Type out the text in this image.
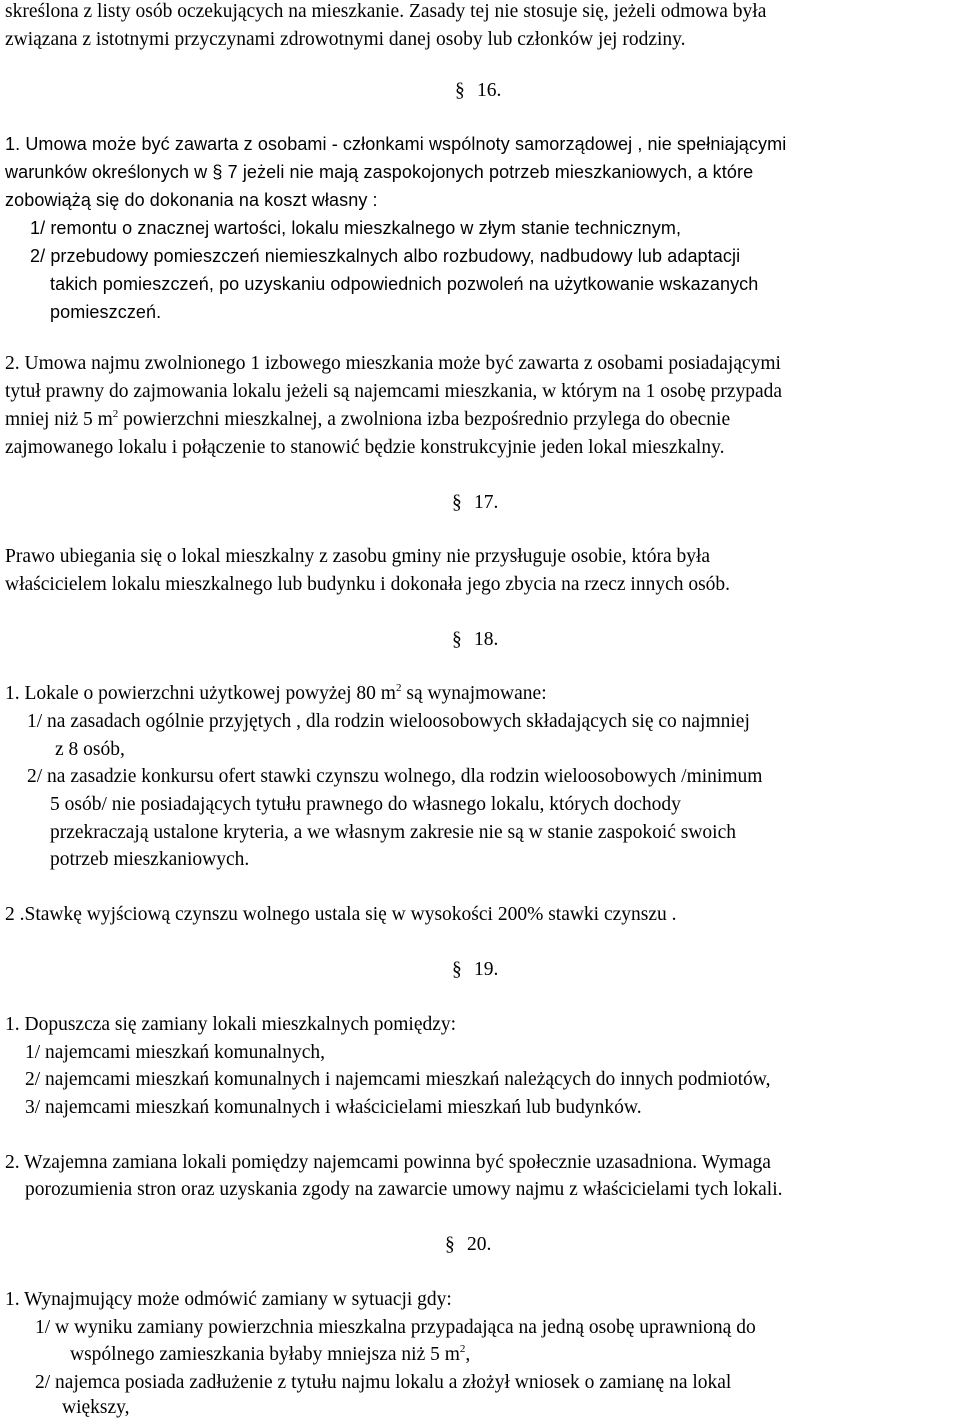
skreślona z listy osób oczekujących na mieszkanie. Zasady tej nie stosuje się, jeżeli odmowa była
związana z istotnymi przyczynami zdrowotnymi danej osoby lub członków jej rodziny.
§ 16.
1. Umowa może być zawarta z osobami - członkami wspólnoty samorządowej , nie spełniającymi
warunków określonych w § 7 jeżeli nie mają zaspokojonych potrzeb mieszkaniowych, a które
zobowiążą się do dokonania na koszt własny :
1/ remontu o znacznej wartości, lokalu mieszkalnego w złym stanie technicznym,
2/ przebudowy pomieszczeń niemieszkalnych albo rozbudowy, nadbudowy lub adaptacji
takich pomieszczeń, po uzyskaniu odpowiednich pozwoleń na użytkowanie wskazanych
pomieszczeń.
2. Umowa najmu zwolnionego 1 izbowego mieszkania może być zawarta z osobami posiadającymi
tytuł prawny do zajmowania lokalu jeżeli są najemcami mieszkania, w którym na 1 osobę przypada
mniej niż 5 $m^2$ powierzchni mieszkalnej, a zwolniona izba bezpośrednio przylega do obecnie
zajmowanego lokalu i połączenie to stanowić będzie konstrukcyjnie jeden lokal mieszkalny.
§ 17.
Prawo ubiegania się o lokal mieszkalny z zasobu gminy nie przysługuje osobie, która była
właścicielem lokalu mieszkalnego lub budynku i dokonała jego zbycia na rzecz innych osób.
§ 18.
1. Lokale o powierzchni użytkowej powyżej 80 $m^2$ są wynajmowane:
1/ na zasadach ogólnie przyjętych , dla rodzin wieloosobowych składających się co najmniej
z 8 osób,
2/ na zasadzie konkursu ofert stawki czynszu wolnego, dla rodzin wieloosobowych /minimum
5 osób/ nie posiadających tytułu prawnego do własnego lokalu, których dochody
przekraczają ustalone kryteria, a we własnym zakresie nie są w stanie zaspokoić swoich
potrzeb mieszkaniowych.
2 .Stawkę wyjściową czynszu wolnego ustala się w wysokości 200% stawki czynszu .
§ 19.
1. Dopuszcza się zamiany lokali mieszkalnych pomiędzy:
1/ najemcami mieszkań komunalnych,
2/ najemcami mieszkań komunalnych i najemcami mieszkań należących do innych podmiotów,
3/ najemcami mieszkań komunalnych i właścicielami mieszkań lub budynków.
2. Wzajemna zamiana lokali pomiędzy najemcami powinna być społecznie uzasadniona. Wymaga
porozumienia stron oraz uzyskania zgody na zawarcie umowy najmu z właścicielami tych lokali.
§ 20.
1. Wynajmujący może odmówić zamiany w sytuacji gdy:
1/ w wyniku zamiany powierzchnia mieszkalna przypadająca na jedną osobę uprawnioną do
wspólnego zamieszkania byłaby mniejsza niż 5 $m^2$,
2/ najemca posiada zadłużenie z tytułu najmu lokalu a złożył wniosek o zamianę na lokal
większy,
